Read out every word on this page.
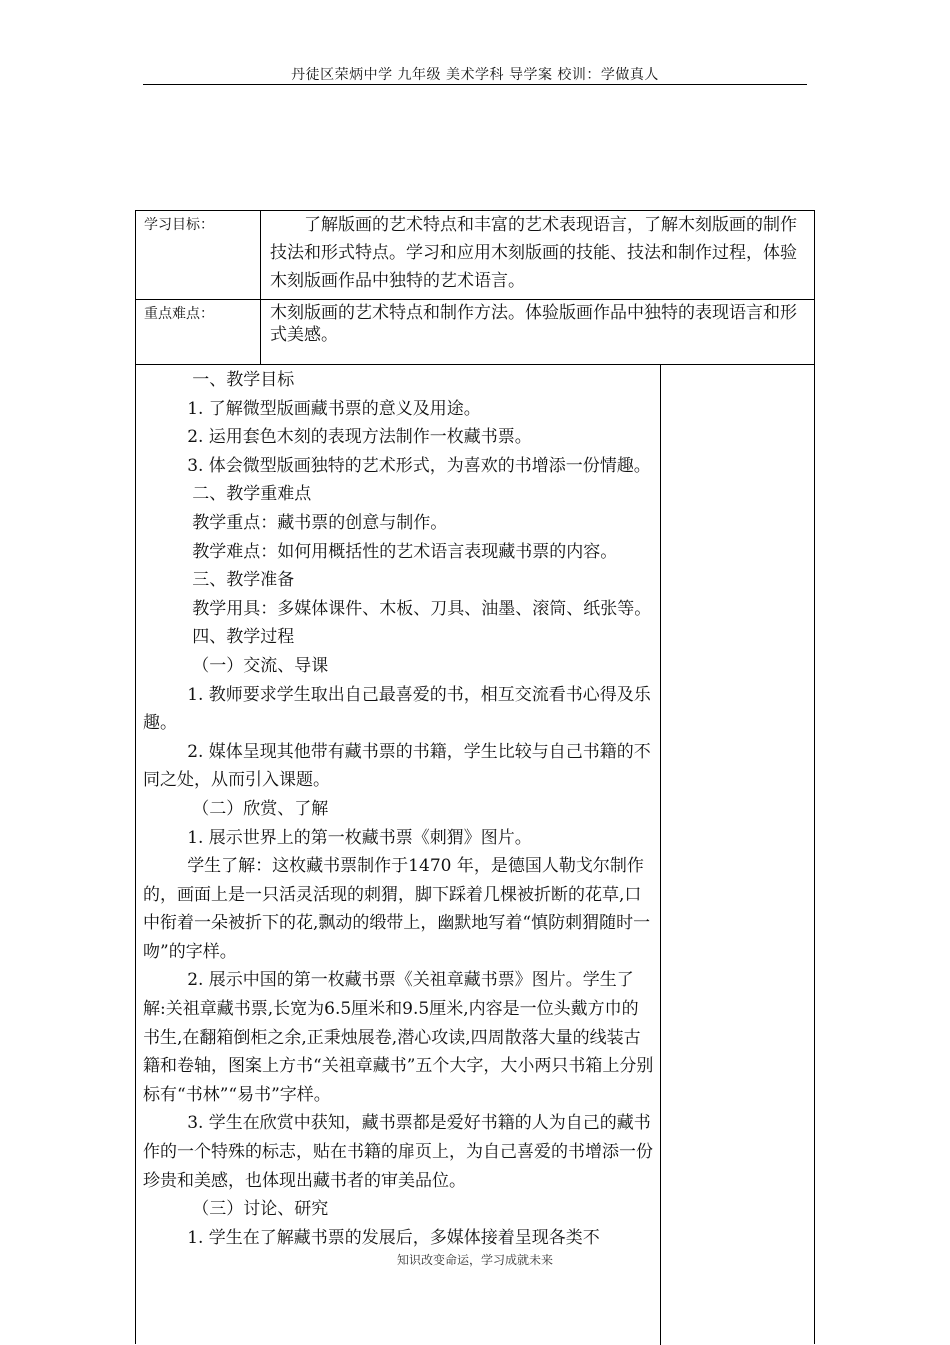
丹徒区荣炳中学 九年级 美术学科 导学案 校训：学做真人
学习目标：	了解版画的艺术特点和丰富的艺术表现语言，了解木刻版画的制作技法和形式特点。学习和应用木刻版画的技能、技法和制作过程，体验木刻版画作品中独特的艺术语言。
重点难点：	木刻版画的艺术特点和制作方法。体验版画作品中独特的表现语言和形式美感。

一、教学目标

1. 了解微型版画藏书票的意义及用途。

2. 运用套色木刻的表现方法制作一枚藏书票。

3. 体会微型版画独特的艺术形式，为喜欢的书增添一份情趣。

二、教学重难点

教学重点：藏书票的创意与制作。

教学难点：如何用概括性的艺术语言表现藏书票的内容。

三、教学准备

教学用具：多媒体课件、木板、刀具、油墨、滚筒、纸张等。

四、教学过程

（一）交流、导课

1. 教师要求学生取出自己最喜爱的书，相互交流看书心得及乐趣。

2. 媒体呈现其他带有藏书票的书籍，学生比较与自己书籍的不同之处，从而引入课题。

（二）欣赏、了解

1. 展示世界上的第一枚藏书票《刺猬》图片。

学生了解：这枚藏书票制作于1470 年，是德国人勒戈尔制作的，画面上是一只活灵活现的刺猬，脚下踩着几棵被折断的花草,口中衔着一朵被折下的花,飘动的缎带上，幽默地写着“慎防刺猬随时一吻”的字样。

2. 展示中国的第一枚藏书票《关祖章藏书票》图片。学生了解:关祖章藏书票,长宽为6.5厘米和9.5厘米,内容是一位头戴方巾的书生,在翻箱倒柜之余,正秉烛展卷,潜心攻读,四周散落大量的线装古籍和卷轴，图案上方书“关祖章藏书”五个大字，大小两只书箱上分别标有“书林”“易书”字样。

3. 学生在欣赏中获知，藏书票都是爱好书籍的人为自己的藏书作的一个特殊的标志，贴在书籍的扉页上，为自己喜爱的书增添一份珍贵和美感，也体现出藏书者的审美品位。

（三）讨论、研究

1. 学生在了解藏书票的发展后，多媒体接着呈现各类不

知识改变命运，学习成就未来
